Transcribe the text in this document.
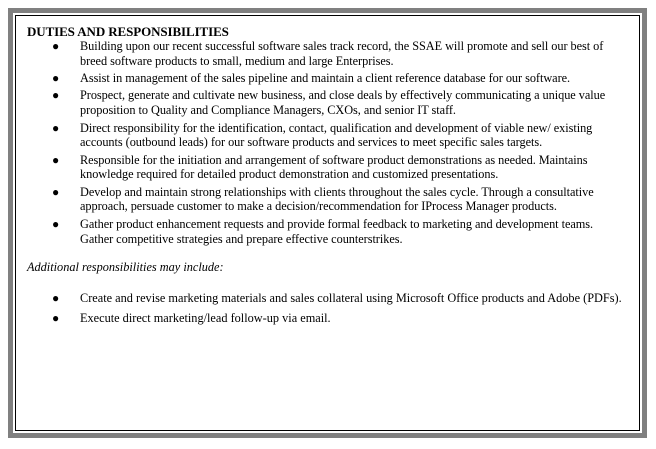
DUTIES AND RESPONSIBILITIES
● Building upon our recent successful software sales track record, the SSAE will promote and sell our best of breed software products to small, medium and large Enterprises.
● Assist in management of the sales pipeline and maintain a client reference database for our software.
● Prospect, generate and cultivate new business, and close deals by effectively communicating a unique value proposition to Quality and Compliance Managers, CXOs, and senior IT staff.
● Direct responsibility for the identification, contact, qualification and development of viable new/ existing accounts (outbound leads) for our software products and services to meet specific sales targets.
● Responsible for the initiation and arrangement of software product demonstrations as needed. Maintains knowledge required for detailed product demonstration and customized presentations.
● Develop and maintain strong relationships with clients throughout the sales cycle. Through a consultative approach, persuade customer to make a decision/recommendation for IProcess Manager products.
● Gather product enhancement requests and provide formal feedback to marketing and development teams. Gather competitive strategies and prepare effective counterstrikes.
Additional responsibilities may include:
● Create and revise marketing materials and sales collateral using Microsoft Office products and Adobe (PDFs).
● Execute direct marketing/lead follow-up via email.
